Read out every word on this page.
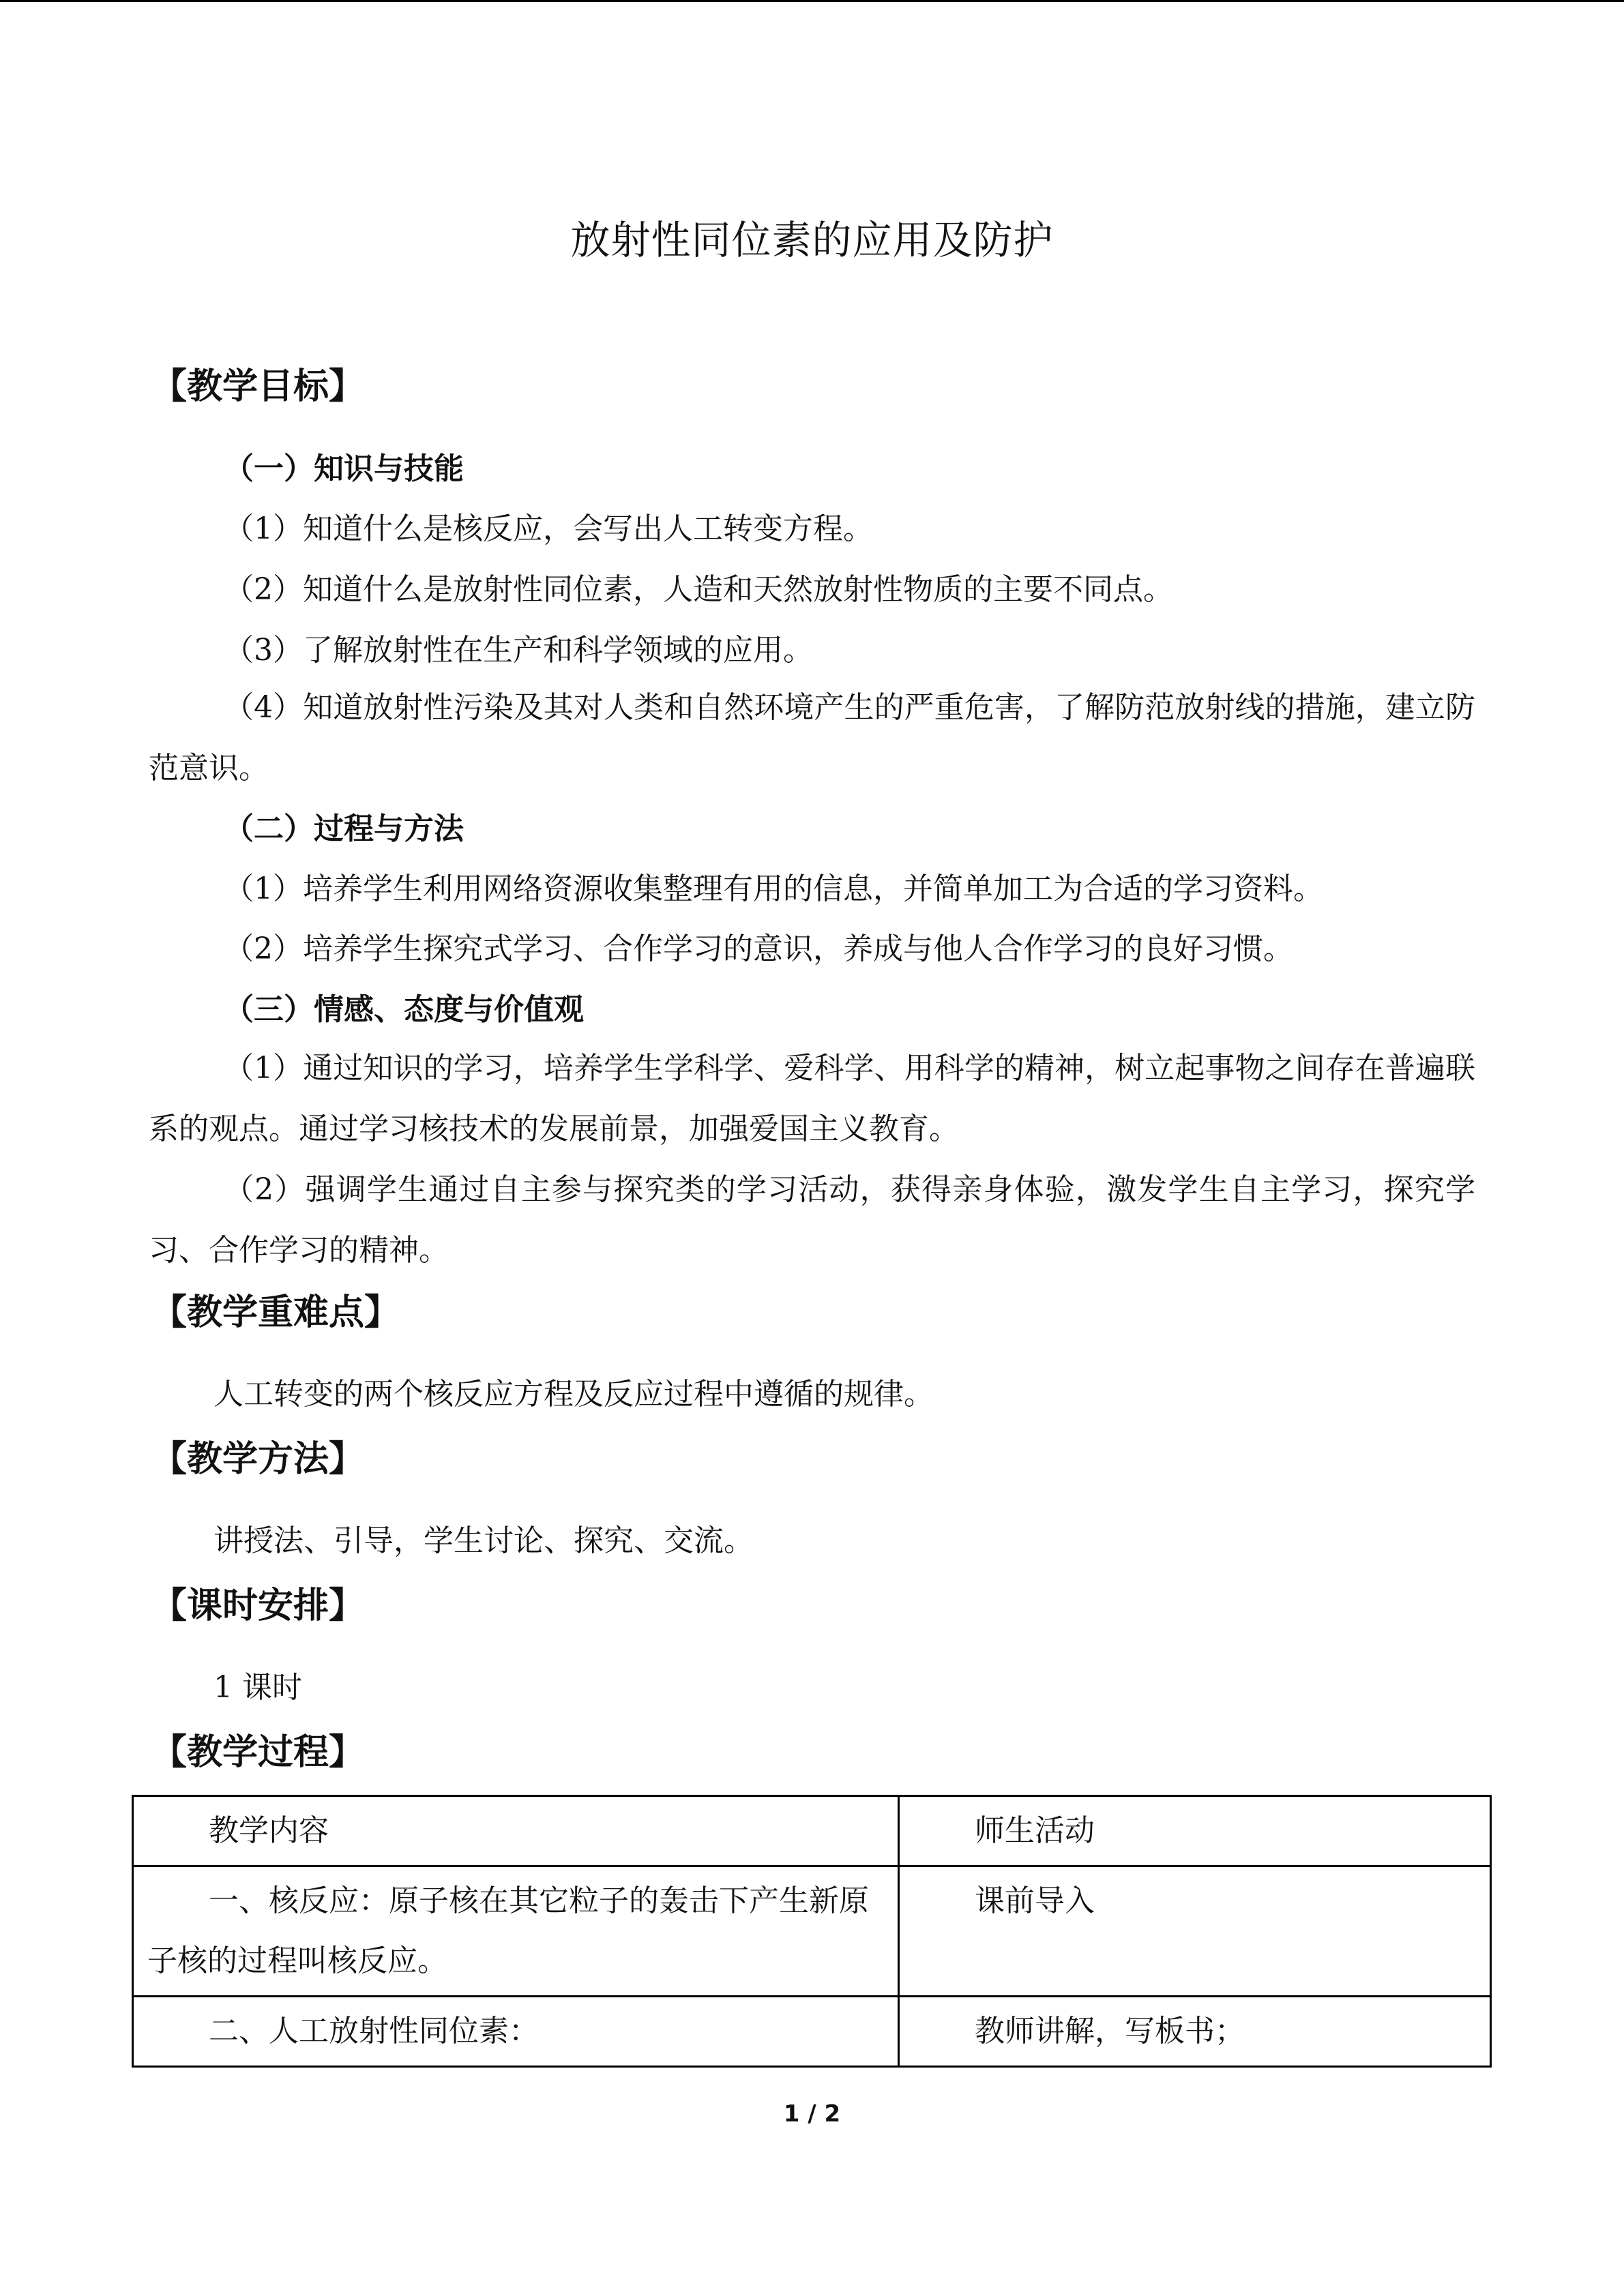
放射性同位素的应用及防护
【教学目标】
（一）知识与技能
（1）知道什么是核反应，会写出人工转变方程。
（2）知道什么是放射性同位素，人造和天然放射性物质的主要不同点。
（3）了解放射性在生产和科学领域的应用。
（4）知道放射性污染及其对人类和自然环境产生的严重危害，了解防范放射线的措施，建立防范意识。
（二）过程与方法
（1）培养学生利用网络资源收集整理有用的信息，并简单加工为合适的学习资料。
（2）培养学生探究式学习、合作学习的意识，养成与他人合作学习的良好习惯。
（三）情感、态度与价值观
（1）通过知识的学习，培养学生学科学、爱科学、用科学的精神，树立起事物之间存在普遍联系的观点。通过学习核技术的发展前景，加强爱国主义教育。
（2）强调学生通过自主参与探究类的学习活动，获得亲身体验，激发学生自主学习，探究学习、合作学习的精神。
【教学重难点】
人工转变的两个核反应方程及反应过程中遵循的规律。
【教学方法】
讲授法、引导，学生讨论、探究、交流。
【课时安排】
1 课时
【教学过程】
教学内容	师生活动

一、核反应：原子核在其它粒子的轰击下产生新原子核的过程叫核反应。	课前导入

二、人工放射性同位素：	教师讲解，写板书；
1 / 2
